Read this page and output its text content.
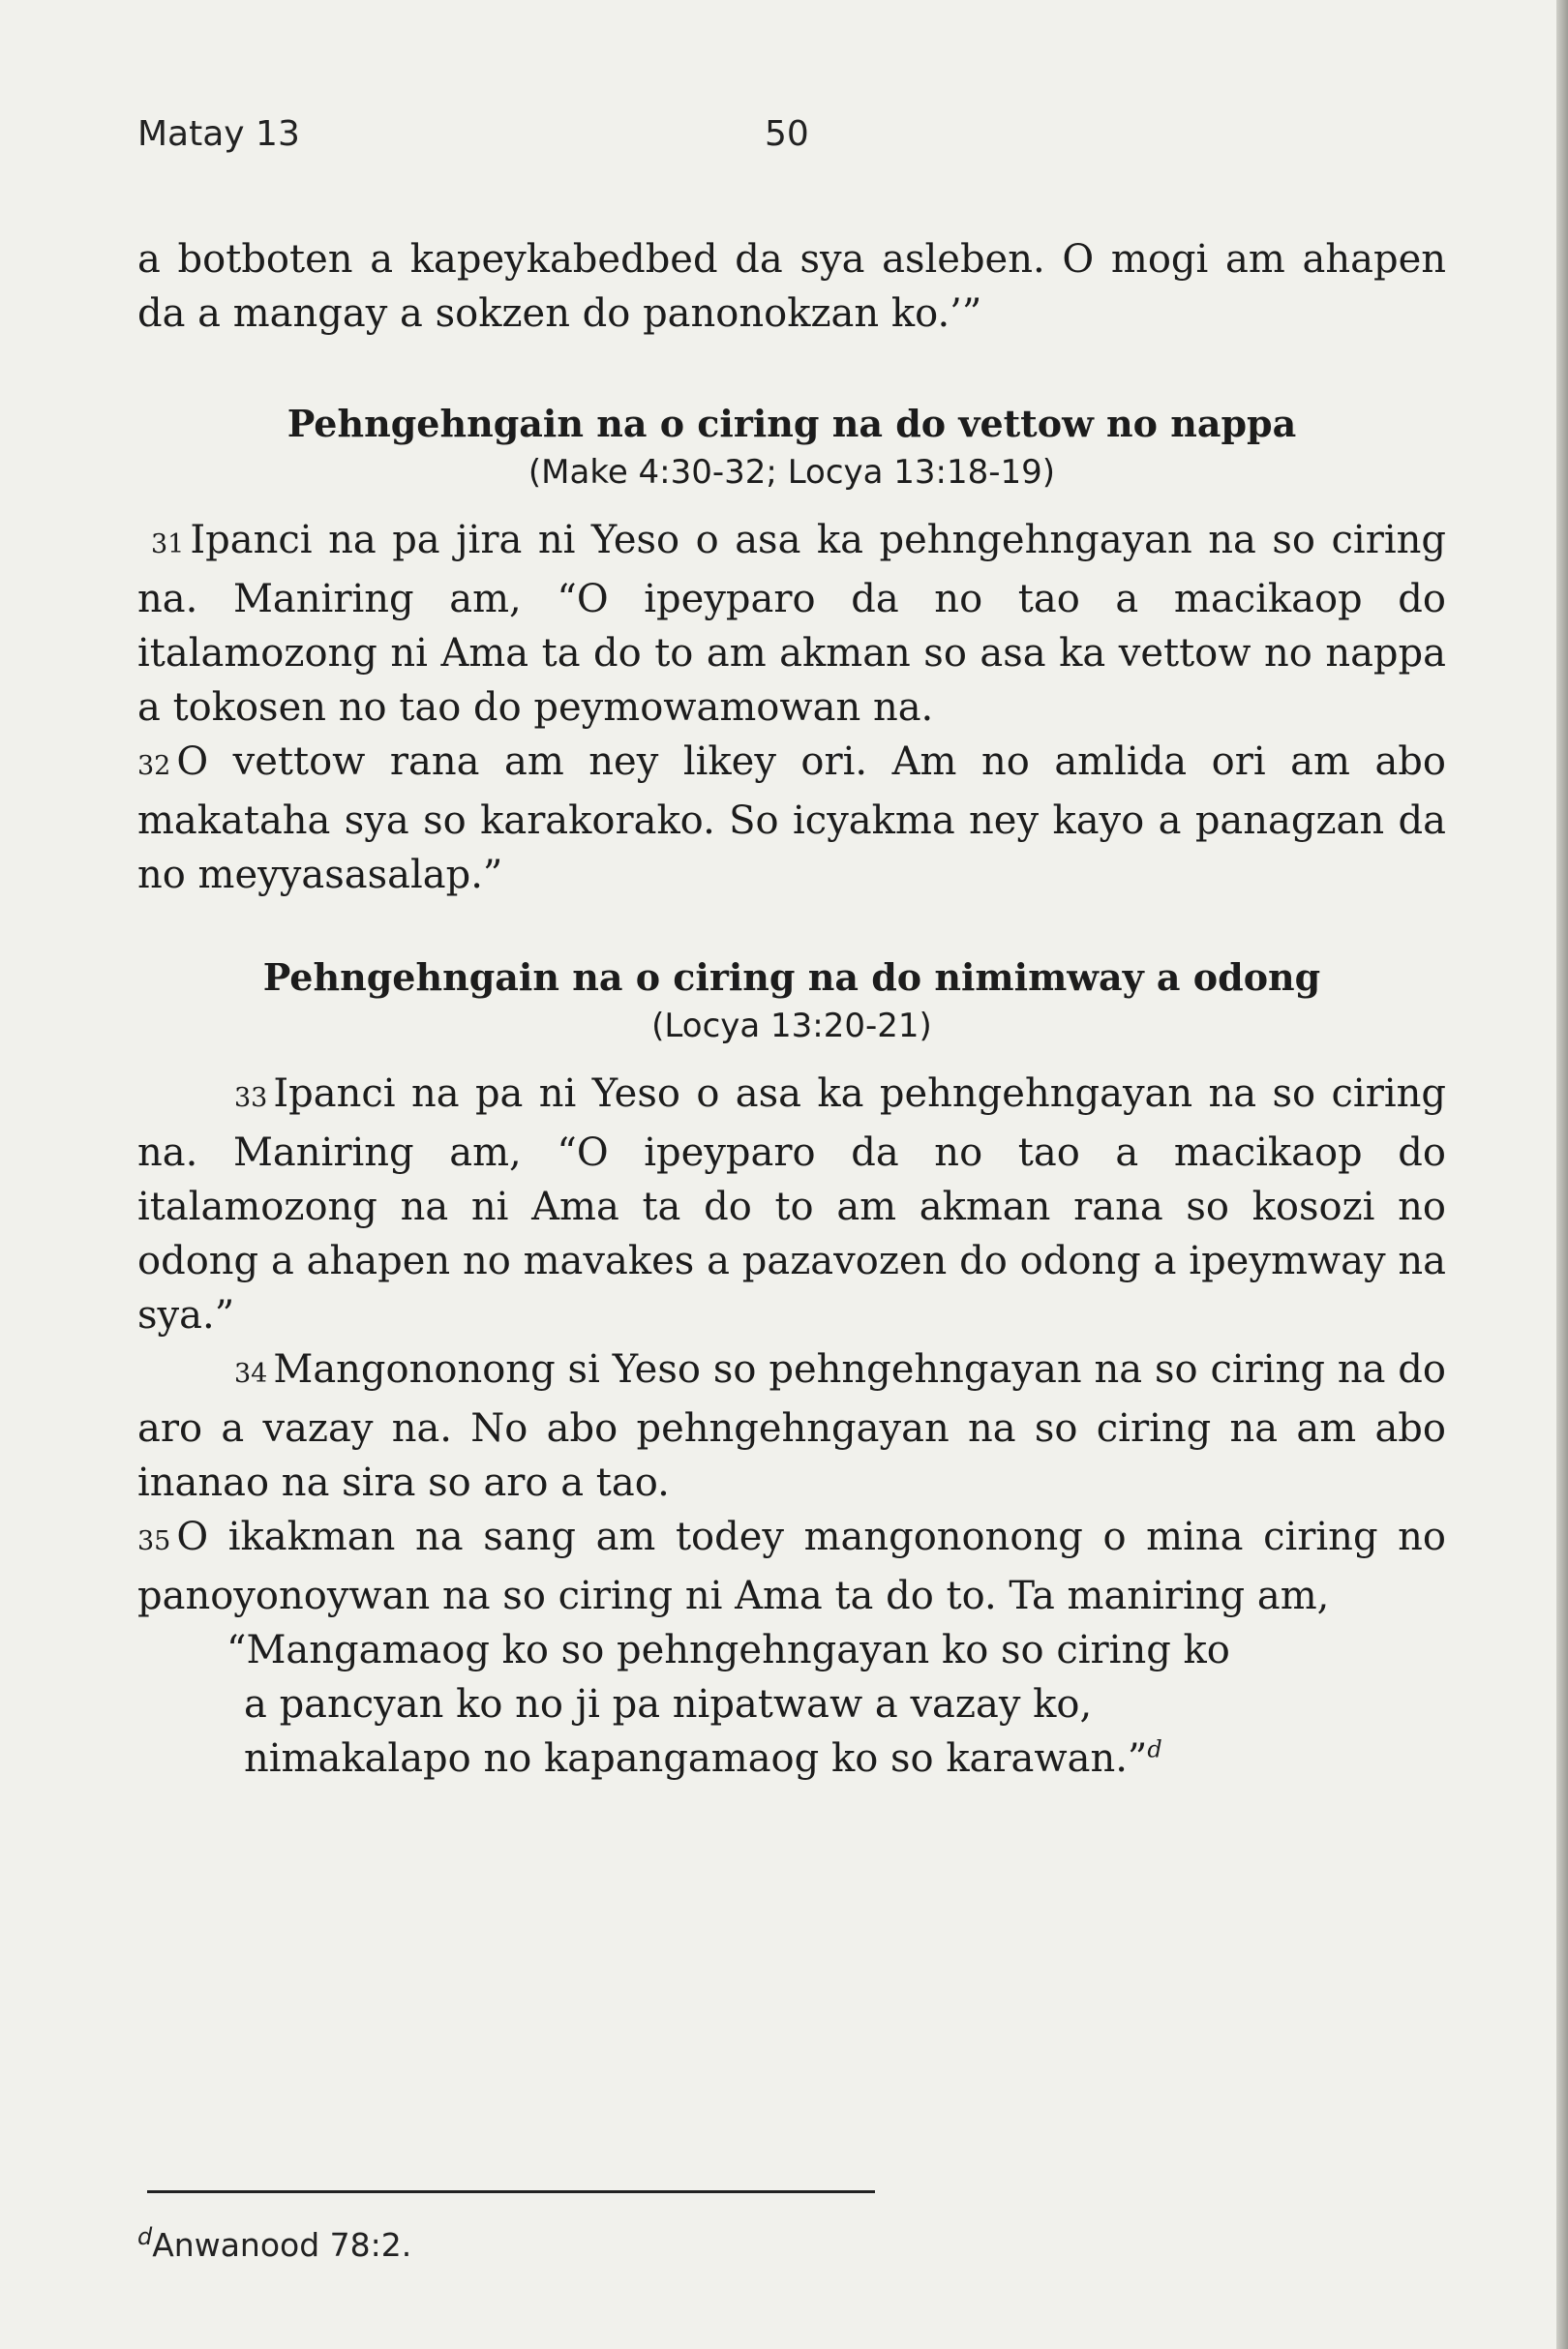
Matay 13	50

a botboten a kapeykabedbed da sya asleben. O mogi am ahapen da a mangay a sokzen do panonokzan ko.’”

Pehngehngain na o ciring na do vettow no nappa
(Make 4:30-32; Locya 13:18-19)

31 Ipanci na pa jira ni Yeso o asa ka pehngehngayan na so ciring na. Maniring am, “O ipeyparo da no tao a macikaop do italamozong ni Ama ta do to am akman so asa ka vettow no nappa a tokosen no tao do peymowamowan na.

32 O vettow rana am ney likey ori. Am no amlida ori am abo makataha sya so karakorako. So icyakma ney kayo a panagzan da no meyyasasalap.”

Pehngehngain na o ciring na do nimimway a odong
(Locya 13:20-21)

33 Ipanci na pa ni Yeso o asa ka pehngehngayan na so ciring na. Maniring am, “O ipeyparo da no tao a macikaop do italamozong na ni Ama ta do to am akman rana so kosozi no odong a ahapen no mavakes a pazavozen do odong a ipeymway na sya.”

34 Mangononong si Yeso so pehngehngayan na so ciring na do aro a vazay na. No abo pehngehngayan na so ciring na am abo inanao na sira so aro a tao.

35 O ikakman na sang am todey mangononong o mina ciring no panoyonoywan na so ciring ni Ama ta do to. Ta maniring am,

“Mangamaog ko so pehngehngayan ko so ciring ko

a pancyan ko no ji pa nipatwaw a vazay ko,

nimakalapo no kapangamaog ko so karawan.”$^d$

$^d$Anwanood 78:2.
